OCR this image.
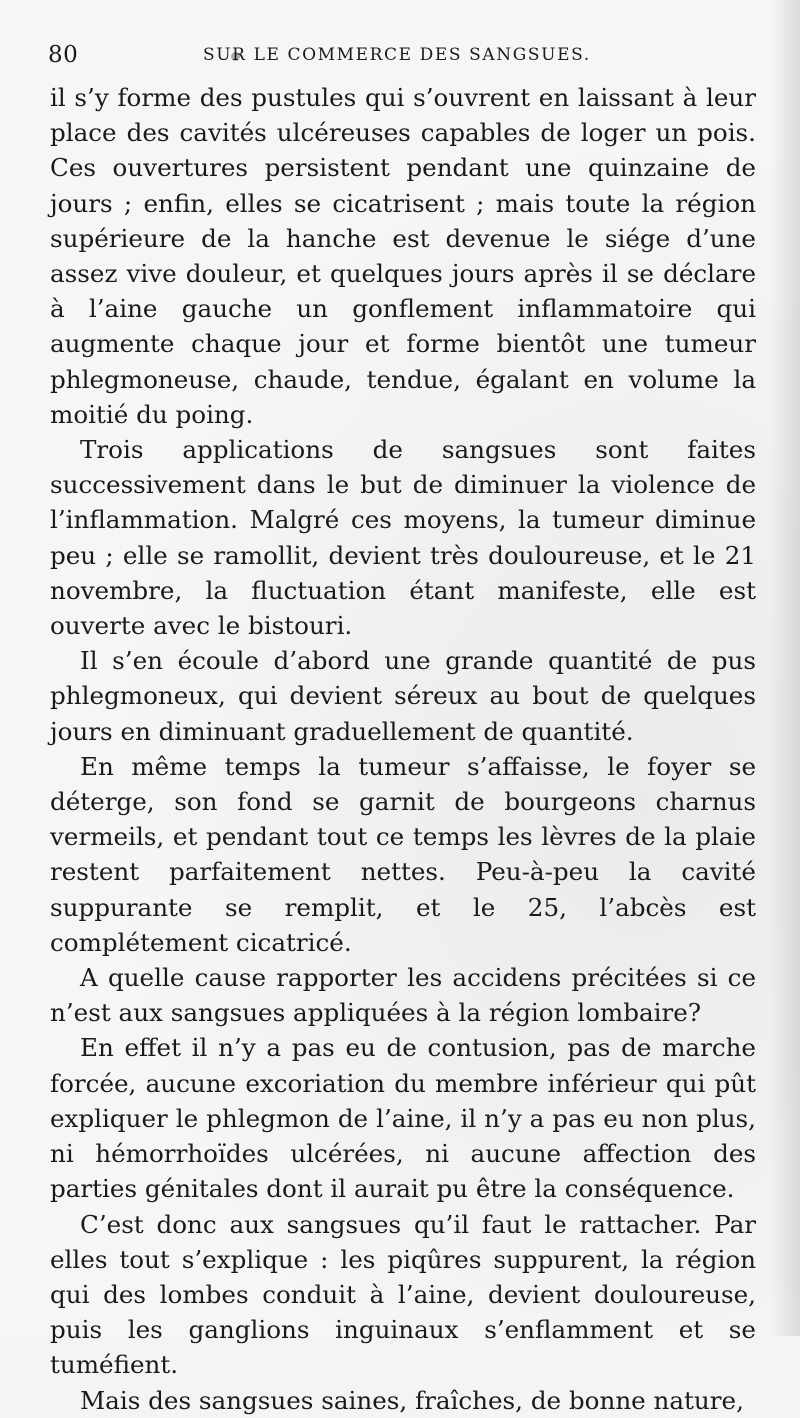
80	SUR LE COMMERCE DES SANGSUES.

il s’y forme des pustules qui s’ouvrent en laissant à leur place des cavités ulcéreuses capables de loger un pois. Ces ouvertures persistent pendant une quinzaine de jours ; enfin, elles se cicatrisent ; mais toute la région supérieure de la hanche est devenue le siége d’une assez vive douleur, et quelques jours après il se déclare à l’aine gauche un gonflement inflammatoire qui augmente chaque jour et forme bientôt une tumeur phlegmoneuse, chaude, tendue, égalant en volume la moitié du poing.

Trois applications de sangsues sont faites successivement dans le but de diminuer la violence de l’inflammation. Malgré ces moyens, la tumeur diminue peu ; elle se ramollit, devient très douloureuse, et le 21 novembre, la fluctuation étant manifeste, elle est ouverte avec le bistouri.

Il s’en écoule d’abord une grande quantité de pus phlegmoneux, qui devient séreux au bout de quelques jours en diminuant graduellement de quantité.

En même temps la tumeur s’affaisse, le foyer se déterge, son fond se garnit de bourgeons charnus vermeils, et pendant tout ce temps les lèvres de la plaie restent parfaitement nettes. Peu-à-peu la cavité suppurante se remplit, et le 25, l’abcès est complétement cicatricé.

A quelle cause rapporter les accidens précitées si ce n’est aux sangsues appliquées à la région lombaire?

En effet il n’y a pas eu de contusion, pas de marche forcée, aucune excoriation du membre inférieur qui pût expliquer le phlegmon de l’aine, il n’y a pas eu non plus, ni hémorrhoïdes ulcérées, ni aucune affection des parties génitales dont il aurait pu être la conséquence.

C’est donc aux sangsues qu’il faut le rattacher. Par elles tout s’explique : les piqûres suppurent, la région qui des lombes conduit à l’aine, devient douloureuse, puis les ganglions inguinaux s’enflamment et se tuméfient.

Mais des sangsues saines, fraîches, de bonne nature,
